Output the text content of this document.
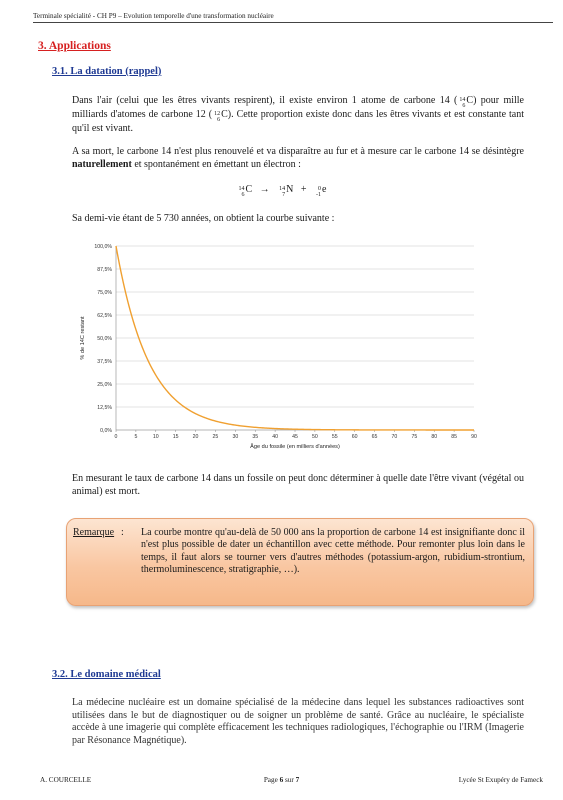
Terminale spécialité - CH P9 – Evolution temporelle d'une transformation nucléaire
3. Applications
3.1. La datation (rappel)
Dans l'air (celui que les êtres vivants respirent), il existe environ 1 atome de carbone 14 ( 14
6 C) pour mille milliards d'atomes de carbone 12 ( 12
6 C). Cette proportion existe donc dans les êtres vivants et est constante tant qu'il est vivant.
A sa mort, le carbone 14 n'est plus renouvelé et va disparaître au fur et à mesure car le carbone 14 se désintègre naturellement et spontanément en émettant un électron :
14
6 C → 14
7 N +	0
-1 e
Sa demi-vie étant de 5 730 années, on obtient la courbe suivante :
0,0%
12,5%
25,0%
37,5%
50,0%
62,5%
75,0%
87,5%
100,0%
0	5	10	15	20	25	30	35	40	45	50	55	60	65	70	75	80	85	90
Âge du fossile (en milliers d'années)
% de 14C restant
En mesurant le taux de carbone 14 dans un fossile on peut donc déterminer à quelle date l'être vivant (végétal ou animal) est mort.
Remarque : La courbe montre qu'au-delà de 50 000 ans la proportion de carbone 14 est insignifiante donc il n'est plus possible de dater un échantillon avec cette méthode. Pour remonter plus loin dans le temps, il faut alors se tourner vers d'autres méthodes (potassium-argon, rubidium-strontium, thermoluminescence, stratigraphie, …).
3.2. Le domaine médical
La médecine nucléaire est un domaine spécialisé de la médecine dans lequel les substances radioactives sont utilisées dans le but de diagnostiquer ou de soigner un problème de santé. Grâce au nucléaire, le spécialiste accède à une imagerie qui complète efficacement les techniques radiologiques, l'échographie ou l'IRM (Imagerie par Résonance Magnétique).
A. COURCELLE	Page 6 sur 7	Lycée St Exupéry de Fameck
